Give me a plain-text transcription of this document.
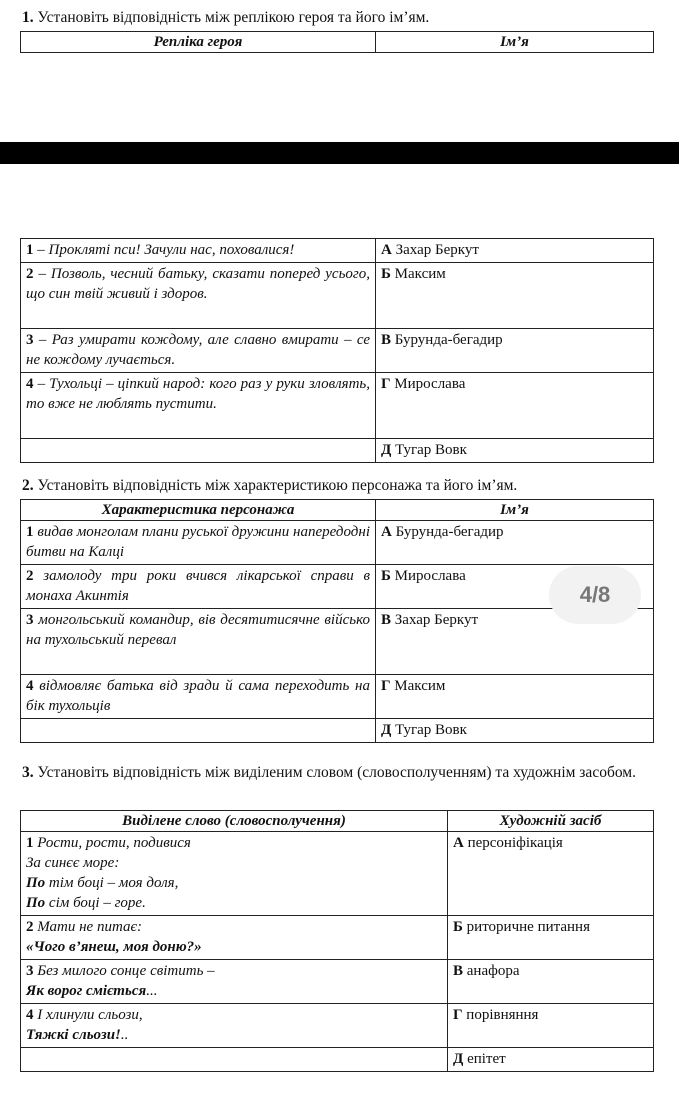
1. Установіть відповідність між реплікою героя та його ім’ям.
Репліка героя	Ім’я
1 – Прокляті пси! Зачули нас, поховалися!	А Захар Беркут
2 – Позволь, чесний батьку, сказати поперед усього, що син твій живий і здоров.	Б Максим
3 – Раз умирати кождому, але славно вмирати – се не кождому лучається.	В Бурунда-бегадир
4 – Тухольці – ціпкий народ: кого раз у руки зловлять, то вже не люблять пустити.	Г Мирослава
	Д Тугар Вовк
2. Установіть відповідність між характеристикою персонажа та його ім’ям.
Характеристика персонажа	Ім’я
1 видав монголам плани руської дружини напередодні битви на Калці	А Бурунда-бегадир
2 замолоду три роки вчився лікарської справи в монаха Акинтія	Б Мирослава
3 монгольський командир, вів десятитисячне військо на тухольський перевал	В Захар Беркут
4 відмовляє батька від зради й сама переходить на бік тухольців	Г Максим
	Д Тугар Вовк
4/8
3. Установіть відповідність між виділеним словом (словосполученням) та художнім засобом.
Виділене слово (словосполучення)	Художній засіб

1 Рости, рости, подивися
За синєє море:
По тім боці – моя доля,
По сім боці – горе.	А персоніфікація

2 Мати не питає:
«Чого в’янеш, моя доню?»	Б риторичне питання

3 Без милого сонце світить –
Як ворог сміється...	В анафора

4 І хлинули сльози,
Тяжкі сльози!..	Г порівняння
	Д епітет
